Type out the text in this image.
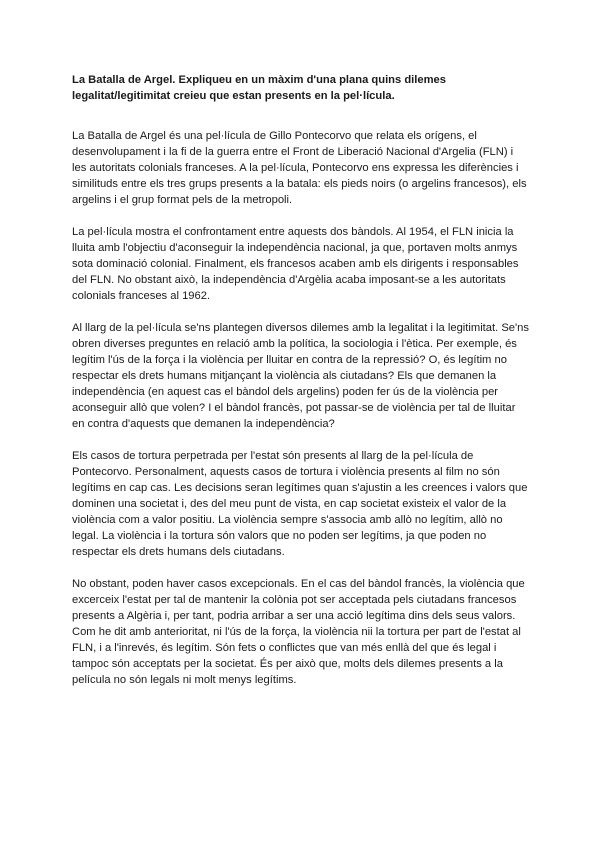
La Batalla de Argel. Expliqueu en un màxim d'una plana quins dilemes legalitat/legitimitat creieu que estan presents en la pel·lícula.

La Batalla de Argel és una pel·lícula de Gillo Pontecorvo que relata els orígens, el desenvolupament i la fi de la guerra entre el Front de Liberació Nacional d'Argelia (FLN) i les autoritats colonials franceses. A la pel·lícula, Pontecorvo ens expressa les diferències i similituds entre els tres grups presents a la batala: els pieds noirs (o argelins francesos), els argelins i el grup format pels de la metropoli.

La pel·lícula mostra el confrontament entre aquests dos bàndols. Al 1954, el FLN inicia la lluita amb l'objectiu d'aconseguir la independència nacional, ja que, portaven molts anmys sota dominació colonial. Finalment, els francesos acaben amb els dirigents i responsables del FLN. No obstant això, la independència d'Argèlia acaba imposant-se a les autoritats colonials franceses al 1962.

Al llarg de la pel·lícula se'ns plantegen diversos dilemes amb la legalitat i la legitimitat. Se'ns obren diverses preguntes en relació amb la política, la sociologia i l'ètica. Per exemple, és legítim l'ús de la força i la violència per lluitar en contra de la repressió? O, és legítim no respectar els drets humans mitjançant la violència als ciutadans? Els que demanen la independència (en aquest cas el bàndol dels argelins) poden fer ús de la violència per aconseguir allò que volen? I el bàndol francès, pot passar-se de violència per tal de lluitar en contra d'aquests que demanen la independència?

Els casos de tortura perpetrada per l'estat són presents al llarg de la pel·lícula de Pontecorvo. Personalment, aquests casos de tortura i violència presents al film no són legítims en cap cas. Les decisions seran legítimes quan s'ajustin a les creences i valors que dominen una societat i, des del meu punt de vista, en cap societat existeix el valor de la violència com a valor positiu. La violència sempre s'associa amb allò no legítim, allò no legal. La violència i la tortura són valors que no poden ser legítims, ja que poden no respectar els drets humans dels ciutadans.

No obstant, poden haver casos excepcionals. En el cas del bàndol francès, la violència que excerceix l'estat per tal de mantenir la colònia pot ser acceptada pels ciutadans francesos presents a Algèria i, per tant, podria arribar a ser una acció legítima dins dels seus valors. Com he dit amb anterioritat, ni l'ús de la força, la violència nii la tortura per part de l'estat al FLN, i a l'inrevés, és legítim. Són fets o conflictes que van més enllà del que és legal i tampoc són acceptats per la societat. És per això que, molts dels dilemes presents a la película no són legals ni molt menys legítims.
